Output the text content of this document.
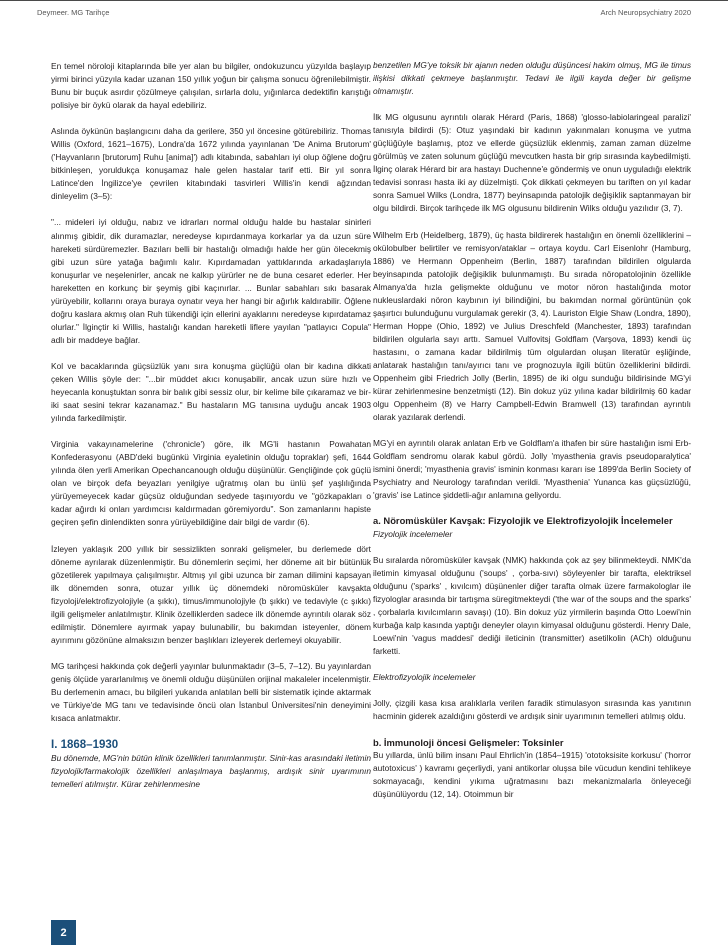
Deymeer. MG Tarihçe	Arch Neuropsychiatry 2020

En temel nöroloji kitaplarında bile yer alan bu bilgiler, ondokuzuncu yüzyılda başlayıp yirmi birinci yüzyıla kadar uzanan 150 yıllık yoğun bir çalışma sonucu öğrenilebilmiştir. Bunu bir buçuk asırdır çözülmeye çalışılan, sırlarla dolu, yığınlarca dedektifin karıştığı polisiye bir öykü olarak da hayal edebiliriz.

Aslında öykünün başlangıcını daha da gerilere, 350 yıl öncesine götürebiliriz. Thomas Willis (Oxford, 1621–1675), Londra'da 1672 yılında yayınlanan 'De Anima Brutorum' ('Hayvanların [brutorum] Ruhu [anima]') adlı kitabında, sabahları iyi olup öğlene doğru bitkinleşen, yoruldukça konuşamaz hale gelen hastalar tarif etti. Bir yıl sonra Latince'den İngilizce'ye çevrilen kitabındaki tasvirleri Willis'in kendi ağzından dinleyelim (3–5):

"... mideleri iyi olduğu, nabız ve idrarları normal olduğu halde bu hastalar sinirleri alınmış gibidir, dik duramazlar, neredeyse kıpırdanmaya korkarlar ya da uzun süre hareketi sürdüremezler. Bazıları belli bir hastalığı olmadığı halde her gün ölecekmiş gibi uzun süre yatağa bağımlı kalır. Kıpırdamadan yattıklarında arkadaşlarıyla konuşurlar ve neşelenirler, ancak ne kalkıp yürürler ne de buna cesaret ederler. Her hareketten en korkunç bir şeymiş gibi kaçınırlar. ... Bunlar sabahları sıkı basarak yürüyebilir, kollarını oraya buraya oynatır veya her hangi bir ağırlık kaldırabilir. Öğlene doğru kaslara akmış olan Ruh tükendiği için ellerini ayaklarını neredeyse kıpırdatamaz olurlar." İlginçtir ki Willis, hastalığı kandan hareketli liflere yayılan "patlayıcı Copula" adlı bir maddeye bağlar.

Kol ve bacaklarında güçsüzlük yanı sıra konuşma güçlüğü olan bir kadına dikkati çeken Willis şöyle der: "...bir müddet akıcı konuşabilir, ancak uzun süre hızlı ve heyecanla konuştuktan sonra bir balık gibi sessiz olur, bir kelime bile çıkaramaz ve bir-iki saat sesini tekrar kazanamaz." Bu hastaların MG tanısına uyduğu ancak 1903 yılında farkedilmiştir.

Virginia vakayınamelerine ('chronicle') göre, ilk MG'li hastanın Powahatan Konfederasyonu (ABD'deki bugünkü Virginia eyaletinin olduğu topraklar) şefi, 1644 yılında ölen yerli Amerikan Opechancanough olduğu düşünülür. Gençliğinde çok güçlü olan ve birçok defa beyazları yenilgiye uğratmış olan bu ünlü şef yaşlılığında yürüyemeyecek kadar güçsüz olduğundan sedyede taşınıyordu ve "gözkapakları o kadar ağırdı ki onları yardımcısı kaldırmadan göremiyordu". Son zamanlarını hapiste geçiren şefin dinlendikten sonra yürüyebildiğine dair bilgi de vardır (6).

İzleyen yaklaşık 200 yıllık bir sessizlikten sonraki gelişmeler, bu derlemede dört döneme ayrılarak düzenlenmiştir. Bu dönemlerin seçimi, her döneme ait bir bütünlük gözetilerek yapılmaya çalışılmıştır. Altmış yıl gibi uzunca bir zaman dilimini kapsayan ilk dönemden sonra, otuzar yıllık üç dönemdeki nöromüsküler kavşakta fizyoloji/elektrofizyolojiyle (a şıkkı), timus/immunolojiyle (b şıkkı) ve tedaviyle (c şıkkı) ilgili gelişmeler anlatılmıştır. Klinik özelliklerden sadece ilk dönemde ayrıntılı olarak söz edilmiştir. Dönemlere ayırmak yapay bulunabilir, bu bakımdan isteyenler, dönem ayırımını gözönüne almaksızın benzer başlıkları izleyerek derlemeyi okuyabilir.

MG tarihçesi hakkında çok değerli yayınlar bulunmaktadır (3–5, 7–12). Bu yayınlardan geniş ölçüde yararlanılmış ve önemli olduğu düşünülen orijinal makaleler incelenmiştir. Bu derlemenin amacı, bu bilgileri yukarıda anlatılan belli bir sistematik içinde aktarmak ve Türkiye'de MG tanı ve tedavisinde öncü olan İstanbul Üniversitesi'nin deneyimini kısaca anlatmaktır.

I. 1868–1930

Bu dönemde, MG'nin bütün klinik özellikleri tanımlanmıştır. Sinir-kas arasındaki iletimin fizyolojik/farmakolojik özellikleri anlaşılmaya başlanmış, ardışık sinir uyarımının temelleri atılmıştır. Kürar zehirlenmesine

benzetilen MG'ye toksik bir ajanın neden olduğu düşüncesi hakim olmuş, MG ile timus ilişkisi dikkati çekmeye başlanmıştır. Tedavi ile ilgili kayda değer bir gelişme olmamıştır.

İlk MG olgusunu ayrıntılı olarak Hérard (Paris, 1868) 'glosso-labiolaringeal paralizi' tanısıyla bildirdi (5): Otuz yaşındaki bir kadının yakınmaları konuşma ve yutma güçlüğüyle başlamış, ptoz ve ellerde güçsüzlük eklenmiş, zaman zaman düzelme görülmüş ve zaten solunum güçlüğü mevcutken hasta bir grip sırasında kaybedilmişti. İlginç olarak Hérard bir ara hastayı Duchenne'e göndermiş ve onun uyguladığı elektrik tedavisi sonrası hasta iki ay düzelmişti. Çok dikkati çekmeyen bu tariften on yıl kadar sonra Samuel Wilks (Londra, 1877) beyinsapında patolojik değişiklik saptanmayan bir olgu bildirdi. Birçok tarihçede ilk MG olgusunu bildirenin Wilks olduğu yazılıdır (3, 7).

Wilhelm Erb (Heidelberg, 1879), üç hasta bildirerek hastalığın en önemli özelliklerini – okülobulber belirtiler ve remisyon/ataklar – ortaya koydu. Carl Eisenlohr (Hamburg, 1886) ve Hermann Oppenheim (Berlin, 1887) tarafından bildirilen olgularda beyinsapında patolojik değişiklik bulunmamıştı. Bu sırada nöropatolojinin özellikle Almanya'da hızla gelişmekte olduğunu ve motor nöron hastalığında motor nukleuslardaki nöron kaybının iyi bilindiğini, bu bakımdan normal görüntünün çok şaşırtıcı bulunduğunu vurgulamak gerekir (3, 4). Lauriston Elgie Shaw (Londra, 1890), Herman Hoppe (Ohio, 1892) ve Julius Dreschfeld (Manchester, 1893) tarafından bildirilen olgularla sayı arttı. Samuel Vulfovitsj Goldflam (Varşova, 1893) kendi üç hastasını, o zamana kadar bildirilmiş tüm olgulardan oluşan literatür eşliğinde, anlatarak hastalığın tanı/ayırıcı tanı ve prognozuyla ilgili bütün özelliklerini bildirdi. Oppenheim gibi Friedrich Jolly (Berlin, 1895) de iki olgu sunduğu bildirisinde MG'yi kürar zehirlenmesine benzetmişti (12). Bin dokuz yüz yılına kadar bildirilmiş 60 kadar olgu Oppenheim (8) ve Harry Campbell-Edwin Bramwell (13) tarafından ayrıntılı olarak yazılarak derlendi.

MG'yi en ayrıntılı olarak anlatan Erb ve Goldflam'a ithafen bir süre hastalığın ismi Erb-Goldflam sendromu olarak kabul gördü. Jolly 'myasthenia gravis pseudoparalytica' ismini önerdi; 'myasthenia gravis' isminin konması kararı ise 1899'da Berlin Society of Psychiatry and Neurology tarafından verildi. 'Myasthenia' Yunanca kas güçsüzlüğü, 'gravis' ise Latince şiddetli-ağır anlamına geliyordu.

a. Nöromüsküler Kavşak: Fizyolojik ve Elektrofizyolojik İncelemeler

Fizyolojik incelemeler

Bu sıralarda nöromüsküler kavşak (NMK) hakkında çok az şey bilinmekteydi. NMK'da iletimin kimyasal olduğunu ('soups' , çorba-sıvı) söyleyenler bir tarafta, elektriksel olduğunu ('sparks' , kıvılcım) düşünenler diğer tarafta olmak üzere farmakologlar ile fizyologlar arasında bir tartışma süregitmekteydi ('the war of the soups and the sparks' , çorbalarla kıvılcımların savaşı) (10). Bin dokuz yüz yirmilerin başında Otto Loewi'nin kurbağa kalp kasında yaptığı deneyler olayın kimyasal olduğunu gösterdi. Henry Dale, Loewi'nin 'vagus maddesi' dediği ileticinin (transmitter) asetilkolin (ACh) olduğunu farketti.

Elektrofizyolojik incelemeler

Jolly, çizgili kasa kısa aralıklarla verilen faradik stimulasyon sırasında kas yanıtının hacminin giderek azaldığını gösterdi ve ardışık sinir uyarımının temelleri atılmış oldu.

b. İmmunoloji öncesi Gelişmeler: Toksinler

Bu yıllarda, ünlü bilim insanı Paul Ehrlich'in (1854–1915) 'ototoksisite korkusu' ('horror autotoxicus' ) kavramı geçerliydi, yani antikorlar oluşsa bile vücudun kendini tehlikeye sokmayacağı, kendini yıkıma uğratmasını bazı mekanizmalarla önleyeceği düşünülüyordu (12, 14). Otoimmun bir

2
